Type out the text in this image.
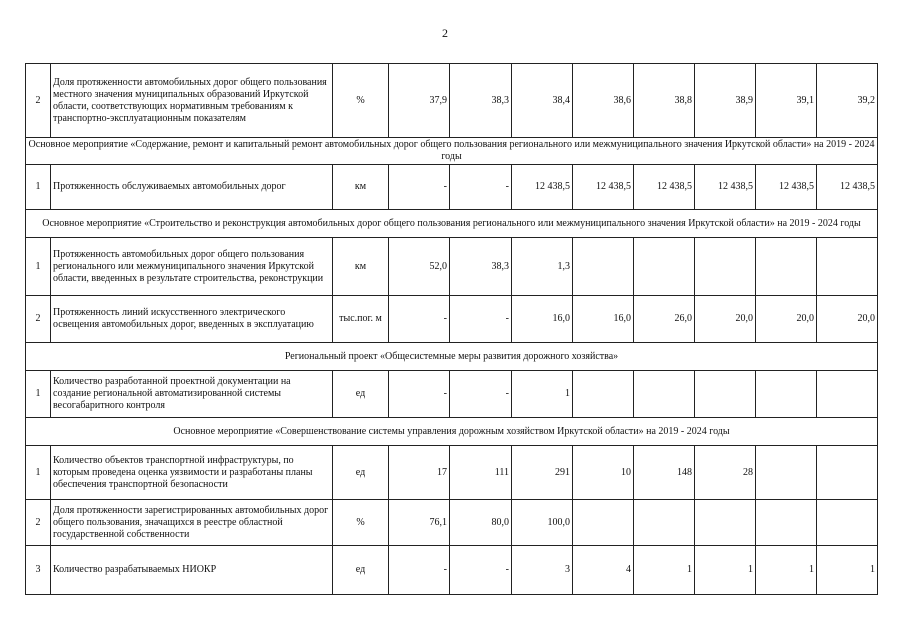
2
2	Доля протяженности автомобильных дорог общего пользования местного значения муниципальных образований Иркутской области, соответствующих нормативным требованиям к транспортно-эксплуатационным показателям	%	37,9	38,3	38,4	38,6	38,8	38,9	39,1	39,2
Основное мероприятие «Содержание, ремонт и капитальный ремонт автомобильных дорог общего пользования регионального или межмуниципального значения Иркутской области» на 2019 - 2024 годы										
1	Протяженность обслуживаемых автомобильных дорог	км	-	-	12 438,5	12 438,5	12 438,5	12 438,5	12 438,5	12 438,5
Основное мероприятие «Строительство и реконструкция автомобильных дорог общего пользования регионального или межмуниципального значения Иркутской области» на 2019 - 2024 годы										
1	Протяженность автомобильных дорог общего пользования регионального или межмуниципального значения Иркутской области, введенных в результате строительства, реконструкции	км	52,0	38,3	1,3					
2	Протяженность линий искусственного электрического освещения автомобильных дорог, введенных в эксплуатацию	тыс.пог. м	-	-	16,0	16,0	26,0	20,0	20,0	20,0
Региональный проект «Общесистемные меры развития дорожного хозяйства»										
1	Количество разработанной проектной документации на создание региональной автоматизированной системы весогабаритного контроля	ед	-	-	1					
Основное мероприятие «Совершенствование системы управления дорожным хозяйством Иркутской области» на 2019 - 2024 годы										
1	Количество объектов транспортной инфраструктуры, по которым проведена оценка уязвимости и разработаны планы обеспечения транспортной безопасности	ед	17	111	291	10	148	28		
2	Доля протяженности зарегистрированных автомобильных дорог общего пользования, значащихся в реестре областной государственной собственности	%	76,1	80,0	100,0					
3	Количество разрабатываемых НИОКР	ед	-	-	3	4	1	1	1	1
